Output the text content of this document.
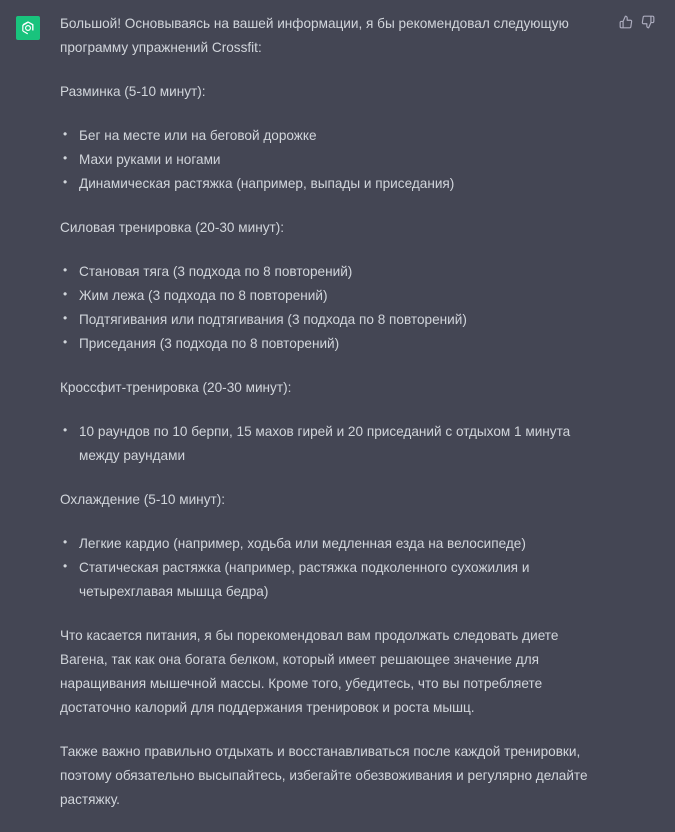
Большой! Основываясь на вашей информации, я бы рекомендовал следующую программу упражнений Crossfit:

Разминка (5-10 минут):

• Бег на месте или на беговой дорожке
• Махи руками и ногами
• Динамическая растяжка (например, выпады и приседания)

Силовая тренировка (20-30 минут):

• Становая тяга (3 подхода по 8 повторений)
• Жим лежа (3 подхода по 8 повторений)
• Подтягивания или подтягивания (3 подхода по 8 повторений)
• Приседания (3 подхода по 8 повторений)

Кроссфит-тренировка (20-30 минут):

• 10 раундов по 10 берпи, 15 махов гирей и 20 приседаний с отдыхом 1 минута между раундами

Охлаждение (5-10 минут):

• Легкие кардио (например, ходьба или медленная езда на велосипеде)
• Статическая растяжка (например, растяжка подколенного сухожилия и четырехглавая мышца бедра)

Что касается питания, я бы порекомендовал вам продолжать следовать диете Вагена, так как она богата белком, который имеет решающее значение для наращивания мышечной массы. Кроме того, убедитесь, что вы потребляете достаточно калорий для поддержания тренировок и роста мышц.

Также важно правильно отдыхать и восстанавливаться после каждой тренировки, поэтому обязательно высыпайтесь, избегайте обезвоживания и регулярно делайте растяжку.
